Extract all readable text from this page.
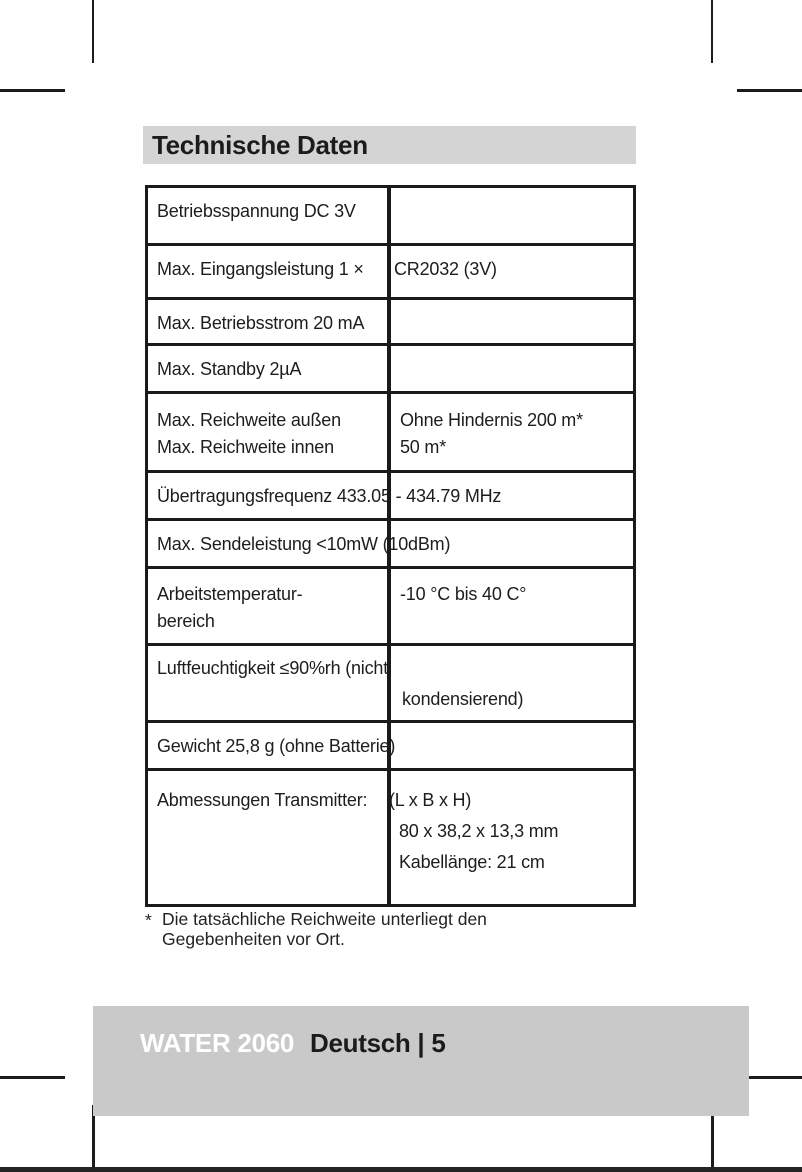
Technische Daten
Betriebsspannung DC 3V
Max. Eingangsleistung 1 × CR2032 (3V)
Max. Betriebsstrom 20 mA
Max. Standby 2µA
Max. Reichweite außen
Max. Reichweite innen
Ohne Hindernis 200 m*
50 m*
Übertragungsfrequenz 433.05 - 434.79 MHz
Max. Sendeleistung <10mW (10dBm)
Arbeitstemperatur-
bereich
-10 °C bis 40 C°
Luftfeuchtigkeit ≤90%rh (nicht
kondensierend)
Gewicht 25,8 g (ohne Batterie)
Abmessungen Transmitter: (L x B x H)
80 x 38,2 x 13,3 mm
Kabellänge: 21 cm
* Die tatsächliche Reichweite unterliegt den
Gegebenheiten vor Ort.
WATER 2060 Deutsch | 5
